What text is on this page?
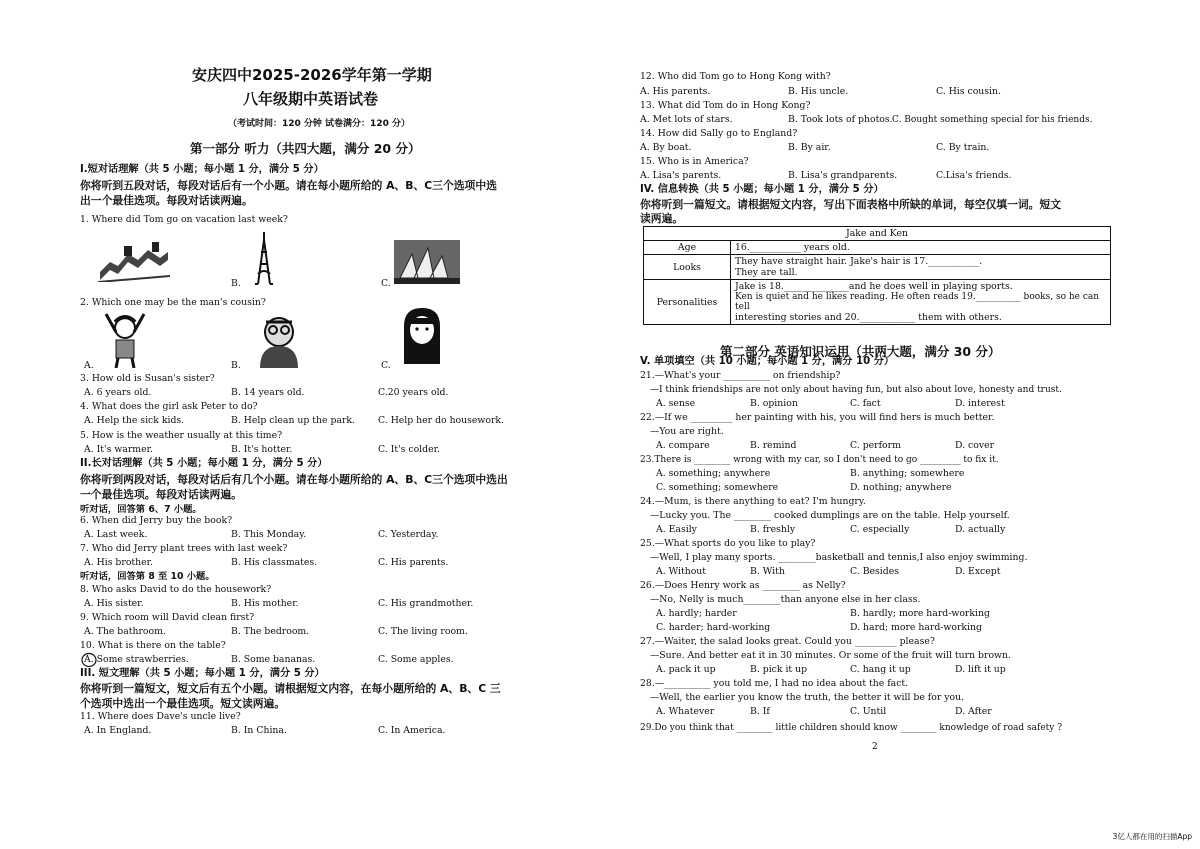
安庆四中2025-2026学年第一学期
八年级期中英语试卷
（考试时间：120 分钟 试卷满分：120 分）
第一部分 听力（共四大题，满分 20 分）
I.短对话理解（共 5 小题；每小题 1 分，满分 5 分）
你将听到五段对话，每段对话后有一个小题。请在每小题所给的 A、B、C三个选项中选
出一个最佳选项。每段对话读两遍。
1. Where did Tom go on vacation last week?
B.	C.
2. Which one may be the man's cousin?
A.	B.	C.
3. How old is Susan's sister?
A. 6 years old.	B. 14 years old.	C.20 years old.
4. What does the girl ask Peter to do?
A. Help the sick kids.	B. Help clean up the park. C. Help her do housework.
5. How is the weather usually at this time?
A. It's warmer.	B. It's hotter.	C. It's colder.
II.长对话理解（共 5 小题；每小题 1 分，满分 5 分）
你将听到两段对话，每段对话后有几个小题。请在每小题所给的 A、B、C三个选项中选出
一个最佳选项。每段对话读两遍。
听对话，回答第 6、7 小题。
6. When did Jerry buy the book?
A. Last week.	B. This Monday.	C. Yesterday.
7. Who did Jerry plant trees with last week?
A. His brother.	B. His classmates.	C. His parents.
听对话，回答第 8 至 10 小题。
8. Who asks David to do the housework?
A. His sister.	B. His mother.	C. His grandmother.
9. Which room will David clean first?
A. The bathroom.	B. The bedroom.	C. The living room.
10. What is there on the table?
A. Some strawberries.	B. Some bananas.	C. Some apples.
III. 短文理解（共 5 小题；每小题 1 分，满分 5 分）
你将听到一篇短文，短文后有五个小题。请根据短文内容，在每小题所给的 A、B、C 三
个选项中选出一个最佳选项。短文读两遍。
11. Where does Dave's uncle live?
A. In England.	B. In China.	C. In America.
12. Who did Tom go to Hong Kong with?
A. His parents.	B. His uncle.	C. His cousin.
13. What did Tom do in Hong Kong?
A. Met lots of stars.	B. Took lots of photos. C. Bought something special for his friends.
14. How did Sally go to England?
A. By boat.	B. By air.	C. By train.
15. Who is in America?
A. Lisa's parents.	B. Lisa's grandparents.	C.Lisa's friends.
IV. 信息转换（共 5 小题；每小题 1 分，满分 5 分）
你将听到一篇短文。请根据短文内容，写出下面表格中所缺的单词，每空仅填一词。短文
读两遍。
Jake and Ken	
Age	16.___________ years old.
Looks	They have straight hair. Jake's hair is 17.___________.
They are tall.

Personalities	Jake is 18.______________and he does well in playing sports.
Ken is quiet and he likes reading. He often reads 19.__________ books, so he can tell
interesting stories and 20.____________ them with others.
第二部分 英语知识运用（共两大题，满分 30 分）
V. 单项填空（共 10 小题；每小题 1 分，满分 10 分）
21.—What's your __________ on friendship?
—I think friendships are not only about having fun, but also about love, honesty and trust.
A. sense	B. opinion	C. fact	D. interest
22.—If we _________ her painting with his, you will find hers is much better.
—You are right.
A. compare	B. remind	C. perform	D. cover
23.There is ________ wrong with my car, so I don't need to go _________ to fix it.
A. something; anywhere	B. anything; somewhere
C. something; somewhere	D. nothing; anywhere
24.—Mum, is there anything to eat? I'm hungry.
—Lucky you. The ________ cooked dumplings are on the table. Help yourself.
A. Easily	B. freshly	C. especially	D. actually
25.—What sports do you like to play?
—Well, I play many sports. ________basketball and tennis,I also enjoy swimming.
A. Without	B. With	C. Besides	D. Except
26.—Does Henry work as ________ as Nelly?
—No, Nelly is much________than anyone else in her class.
A. hardly; harder	B. hardly; more hard-working
C. harder; hard-working	D. hard; more hard-working
27.—Waiter, the salad looks great. Could you _________ please?
—Sure. And better eat it in 30 minutes. Or some of the fruit will turn brown.
A. pack it up	B. pick it up	C. hang it up	D. lift it up
28.—__________ you told me, I had no idea about the fact.
—Well, the earlier you know the truth, the better it will be for you.
A. Whatever	B. If	C. Until	D. After
29.Do you think that ________ little children should know ________ knowledge of road safety ?
2
3亿人都在用的扫描App
